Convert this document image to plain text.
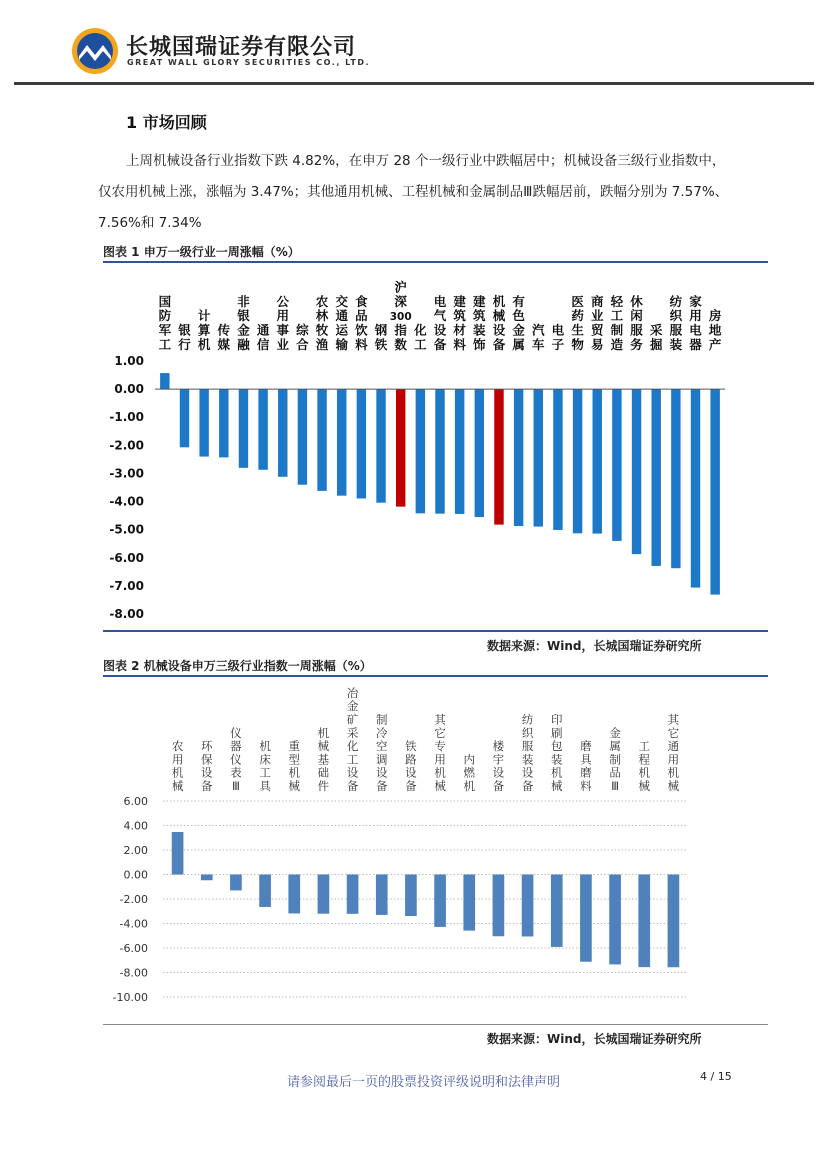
长城国瑞证券有限公司
GREAT WALL GLORY SECURITIES CO., LTD.
1 市场回顾
上周机械设备行业指数下跌 4.82%，在申万 28 个一级行业中跌幅居中；机械设备三级行业指数中，仅农用机械上涨，涨幅为 3.47%；其他通用机械、工程机械和金属制品Ⅲ跌幅居前，跌幅分别为 7.57%、7.56%和 7.34%
图表 1 申万一级行业一周涨幅（%）
1.00
0.00
-1.00
-2.00
-3.00
-4.00
-5.00
-6.00
-7.00
-8.00
国防军工
银行
计算机
传媒
非银金融
通信
公用事业
综合
农林牧渔
交通运输
食品饮料
钢铁
沪深 300 指数
化工
电气设备
建筑材料
建筑装饰
机械设备
有色金属
汽车
电子
医药生物
商业贸易
轻工制造
休闲服务
采掘
纺织服装
家用电器
房地产
数据来源：Wind，长城国瑞证券研究所
图表 2 机械设备申万三级行业指数一周涨幅（%）
6.00
4.00
2.00
0.00
-2.00
-4.00
-6.00
-8.00
-10.00
农用机械
环保设备
仪器仪表 Ⅲ
机床工具
重型机械
机械基础件
冶金矿采化工设备
制冷空调设备
铁路设备
其它专用机械
内燃机
楼宇设备
纺织服装设备
印刷包装机械
磨具磨料
金属制品 Ⅲ
工程机械
其它通用机械
数据来源：Wind，长城国瑞证券研究所
请参阅最后一页的股票投资评级说明和法律声明	4 / 15
